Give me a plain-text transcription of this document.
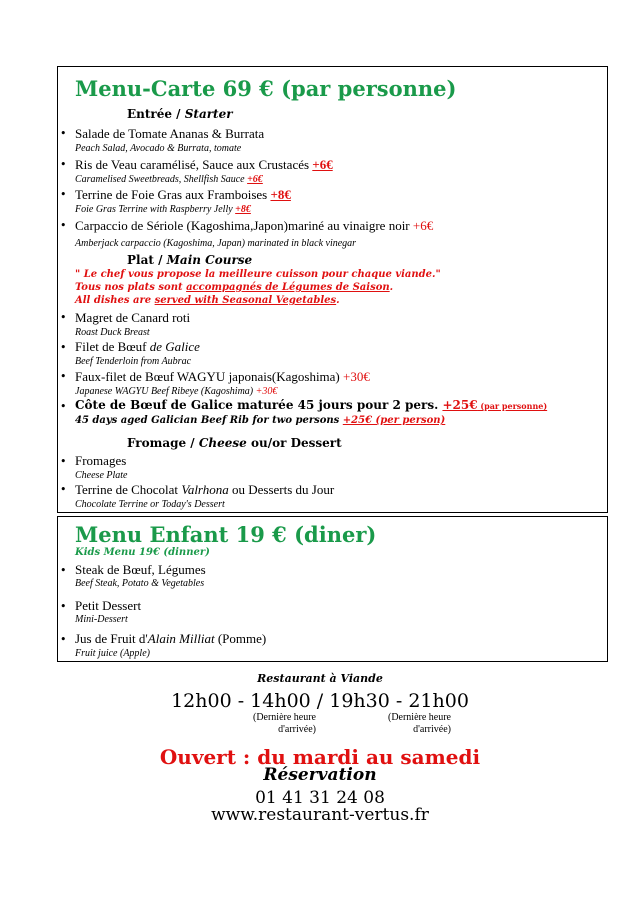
Menu-Carte 69 € (par personne)
Entrée / Starter
• Salade de Tomate Ananas & Burrata
Peach Salad, Avocado & Burrata, tomate
• Ris de Veau caramélisé, Sauce aux Crustacés +6€
Caramelised Sweetbreads, Shellfish Sauce +6€
• Terrine de Foie Gras aux Framboises +8€
Foie Gras Terrine with Raspberry Jelly +8€
• Carpaccio de Sériole (Kagoshima,Japon)mariné au vinaigre noir +6€
Amberjack carpaccio (Kagoshima, Japan) marinated in black vinegar
Plat / Main Course
" Le chef vous propose la meilleure cuisson pour chaque viande."
Tous nos plats sont accompagnés de Légumes de Saison.
All dishes are served with Seasonal Vegetables.
• Magret de Canard roti
Roast Duck Breast
• Filet de Bœuf de Galice
Beef Tenderloin from Aubrac
• Faux-filet de Bœuf WAGYU japonais(Kagoshima) +30€
Japanese WAGYU Beef Ribeye (Kagoshima) +30€
• Côte de Bœuf de Galice maturée 45 jours pour 2 pers. +25€ (par personne)
45 days aged Galician Beef Rib for two persons +25€ (per person)
Fromage / Cheese ou/or Dessert
• Fromages
Cheese Plate
• Terrine de Chocolat Valrhona ou Desserts du Jour
Chocolate Terrine or Today's Dessert
Menu Enfant 19 € (diner)
Kids Menu 19€ (dinner)
• Steak de Bœuf, Légumes
Beef Steak, Potato & Vegetables
• Petit Dessert
Mini-Dessert
• Jus de Fruit d'Alain Milliat (Pomme)
Fruit juice (Apple)
Restaurant à Viande
12h00 - 14h00 / 19h30 - 21h00
(Dernière heure
d'arrivée)
(Dernière heure
d'arrivée)
Ouvert : du mardi au samedi
Réservation
01 41 31 24 08
www.restaurant-vertus.fr
